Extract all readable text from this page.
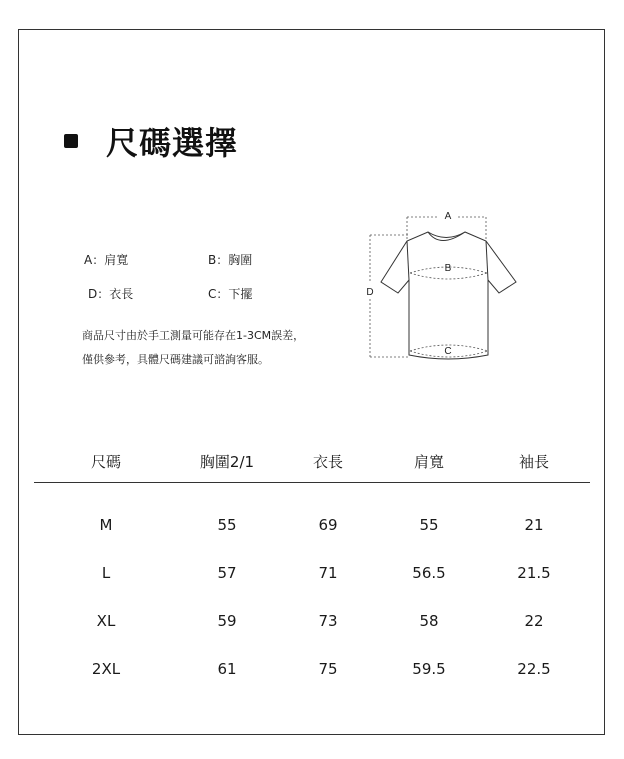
尺碼選擇
A：肩寬	B：胸圍
D：衣長	C：下擺
商品尺寸由於手工測量可能存在1-3CM誤差，
僅供參考，具體尺碼建議可諮詢客服。
A
B
D
C
尺碼	胸圍2/1	衣長	肩寬	袖長
M	55	69	55	21
L	57	71	56.5	21.5
XL	59	73	58	22
2XL	61	75	59.5	22.5
